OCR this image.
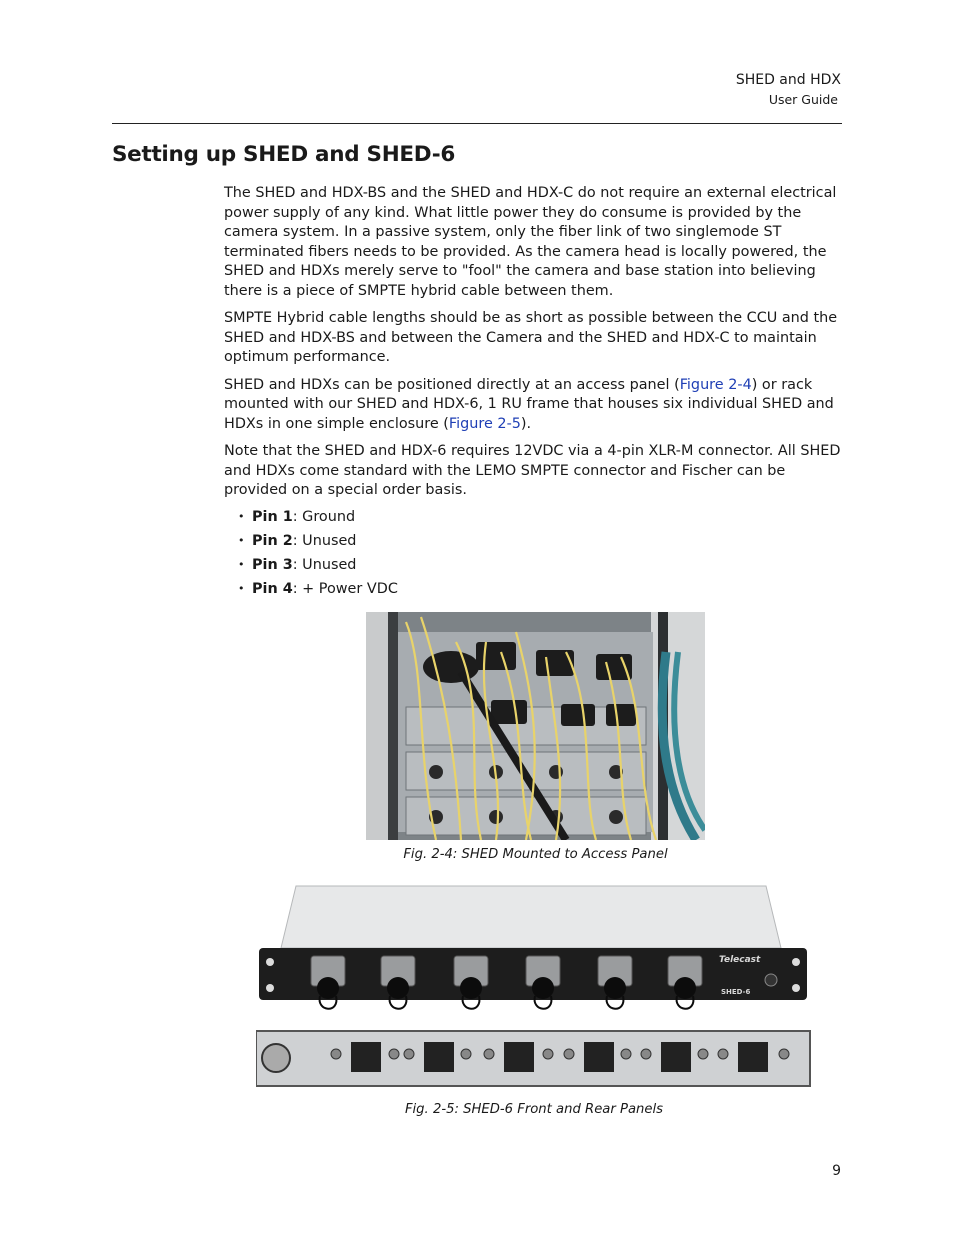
SHED and HDX
User Guide
Setting up SHED and SHED-6

The SHED and HDX-BS and the SHED and HDX-C do not require an external electrical power supply of any kind. What little power they do consume is provided by the camera system. In a passive system, only the fiber link of two singlemode ST terminated fibers needs to be provided. As the camera head is locally powered, the SHED and HDXs merely serve to "fool" the camera and base station into believing there is a piece of SMPTE hybrid cable between them.

SMPTE Hybrid cable lengths should be as short as possible between the CCU and the SHED and HDX-BS and between the Camera and the SHED and HDX-C to maintain optimum performance.

SHED and HDXs can be positioned directly at an access panel (Figure 2-4) or rack mounted with our SHED and HDX-6, 1 RU frame that houses six individual SHED and HDXs in one simple enclosure (Figure 2-5).

Note that the SHED and HDX-6 requires 12VDC via a 4-pin XLR-M connector. All SHED and HDXs come standard with the LEMO SMPTE connector and Fischer can be provided on a special order basis.

• Pin 1: Ground
• Pin 2: Unused
• Pin 3: Unused
• Pin 4: + Power VDC
Fig. 2-4: SHED Mounted to Access Panel
Telecast
SHED-6
Fig. 2-5: SHED-6 Front and Rear Panels
9
